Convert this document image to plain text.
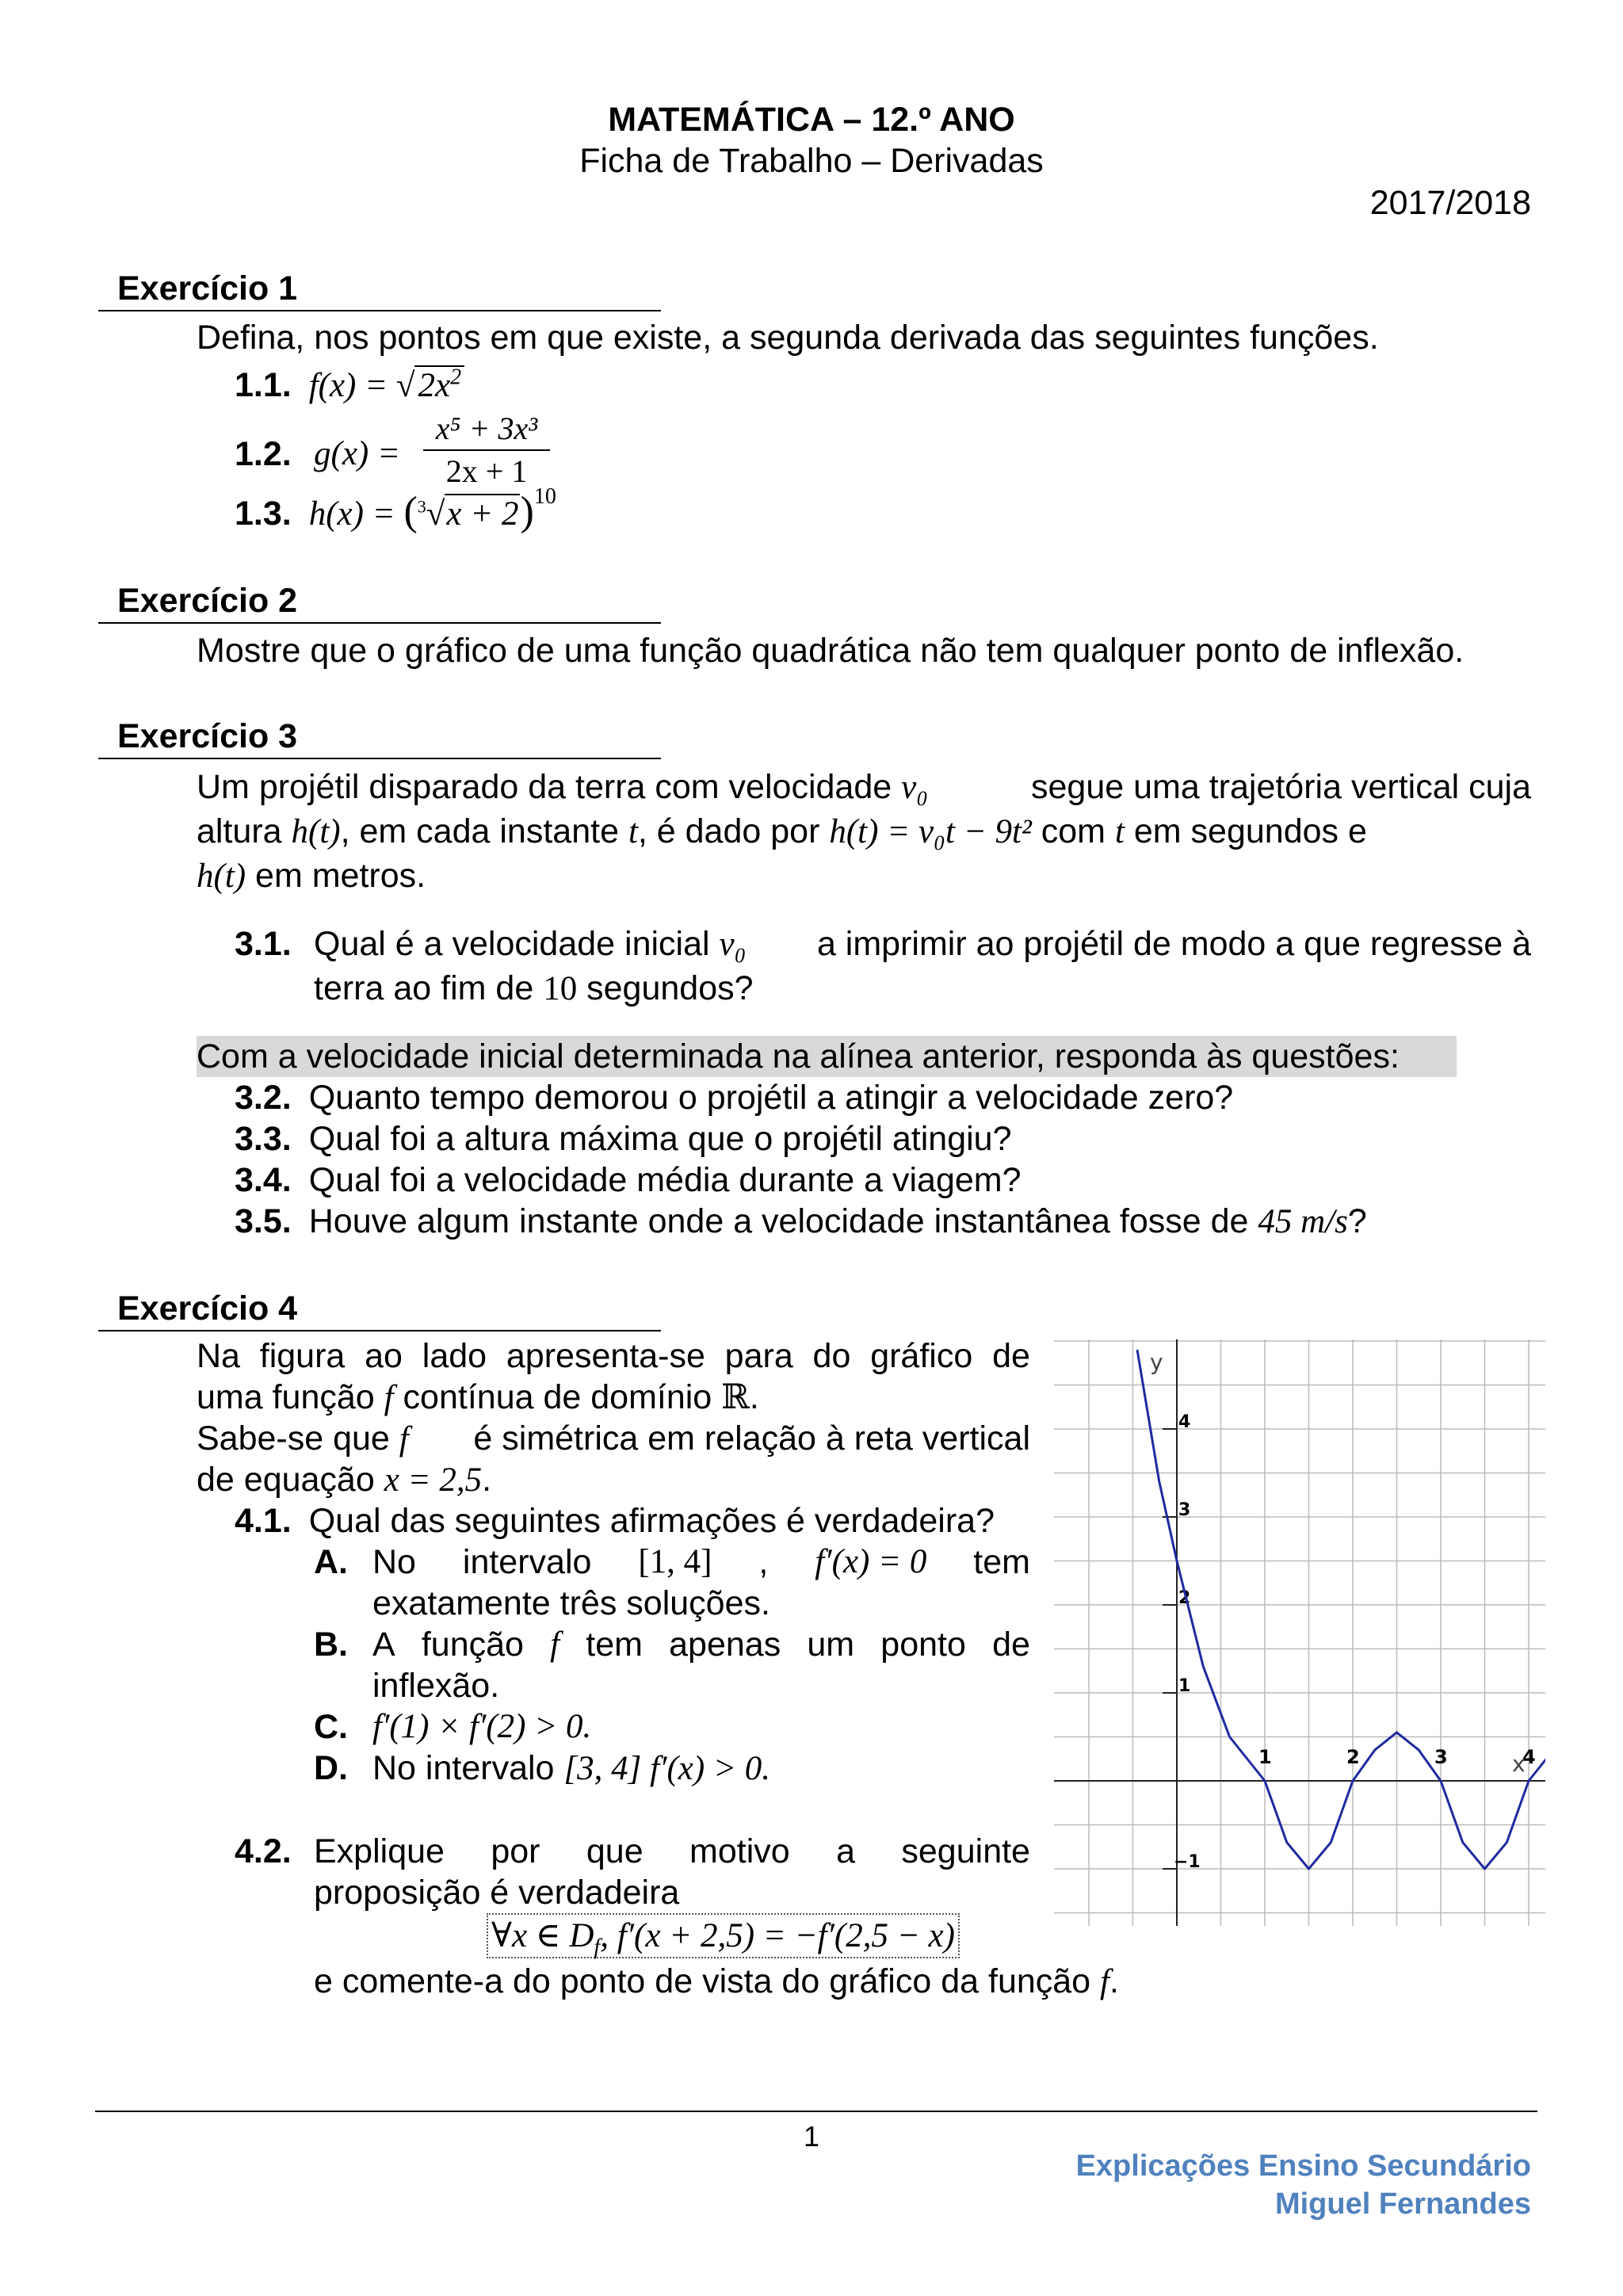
MATEMÁTICA – 12.º ANO
Ficha de Trabalho – Derivadas
2017/2018
Exercício 1
Defina, nos pontos em que existe, a segunda derivada das seguintes funções.
1.1. $f(x) = √2x^2$
1.2. g(x) =
x⁵ + 3x³
2x + 1
1.3. $h(x) = (^3√x + 2)^{10}$
Exercício 2
Mostre que o gráfico de uma função quadrática não tem qualquer ponto de inflexão.
Exercício 3
Um projétil disparado da terra com velocidade v₀	segue uma trajetória vertical cuja
altura h(t), em cada instante t, é dado por h(t) = v₀t − 9t² com t em segundos e
h(t) em metros.
3.1. Qual é a velocidade inicial v₀ a imprimir ao projétil de modo a que regresse à
terra ao fim de 10 segundos?
Com a velocidade inicial determinada na alínea anterior, responda às questões:
3.2. Quanto tempo demorou o projétil a atingir a velocidade zero?
3.3. Qual foi a altura máxima que o projétil atingiu?
3.4. Qual foi a velocidade média durante a viagem?
3.5. Houve algum instante onde a velocidade instantânea fosse de 45 m/s?
Exercício 4
Na figura ao lado apresenta-se para do gráfico de
uma função f contínua de domínio ℝ.
Sabe-se que f é simétrica em relação à reta vertical
de equação x = 2,5.
4.1. Qual das seguintes afirmações é verdadeira?
A. No intervalo [1, 4] , f′(x) = 0 tem
exatamente três soluções.
B. A função f tem apenas um ponto de
inflexão.
C. f′(1) × f′(2) > 0.
D. No intervalo [3, 4] f′(x) > 0.
4.2. Explique por que motivo a seguinte
proposição é verdadeira
∀x ∈ $D_f$, f′(x + 2,5) = −f′(2,5 − x)
e comente-a do ponto de vista do gráfico da função f.
1	2	3	4
4
3
2
1
−1
x
y
1
Explicações Ensino Secundário
Miguel Fernandes
